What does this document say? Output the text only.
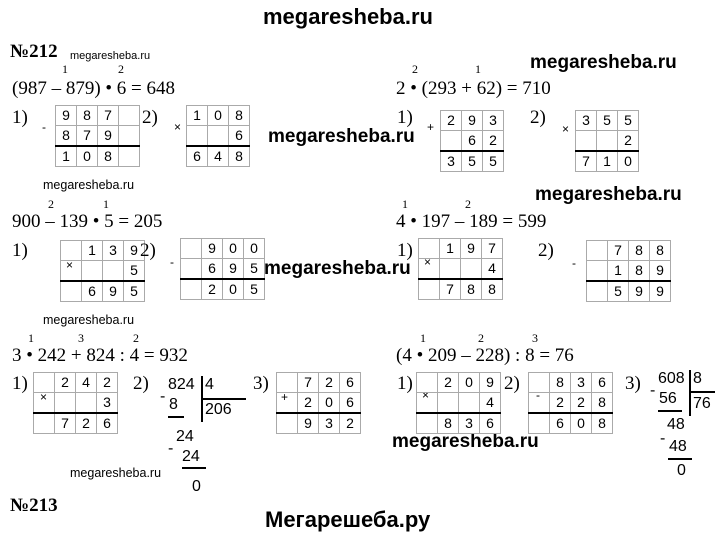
megaresheba.ru
Мегарешеба.ру
№212 megaresheba.ru
№213
megaresheba.ru
megaresheba.ru
megaresheba.ru
megaresheba.ru
megaresheba.ru
megaresheba.ru
megaresheba.ru
megaresheba.ru
1	2
(987 – 879) • 6 = 648
1) -
9	8	7	
8	7	9	
1	0	8	
2) ×
1	0	8
		6
6	4	8
2	1
2 • (293 + 62) = 710
1) + 2	9	3
	6	2
3	5	5
2)
×
3	5	5
		2
7	1	0
2	1
900 – 139 • 5 = 205
1)
×
	1	3	9
			5
	6	9	5
2)
-
	9	0	0
	6	9	5
	2	0	5
1	2
4 • 197 – 189 = 599
1)
×
	1	9	7
			4
	7	8	8
2)
-
	7	8	8
	1	8	9
	5	9	9
1	3	2
3 • 242 + 824 : 4 = 932
1)
×
	2	4	2
			3
	7	2	6
2) 824 4
206
- 8
24
- 24
0
3)
+
	7	2	6
	2	0	6
	9	3	2
1	2	3
(4 • 209 – 228) : 8 = 76
1)
×
	2	0	9
			4
	8	3	6
2)
-
	8	3	6
	2	2	8
	6	0	8
3) 608 8
76
- 56
48
- 48
0
